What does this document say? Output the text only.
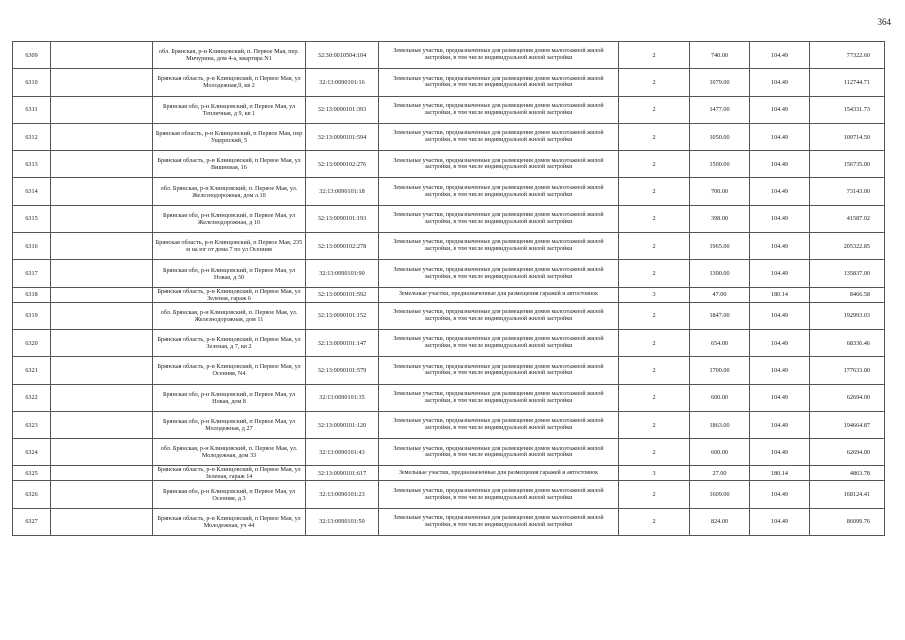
364
6309		обл. Брянская, р-н Клинцовский, п. Первое Мая, пер. Мичурина, дом 4-а, квартира N1	32:30:0010504:104	Земельные участки, предназначенные для размещения домов малоэтажной жилой застройки, в том числе индивидуальной жилой застройки	2	740.00	104.49	77322.60
6310		Брянская область, р-н Клинцовский, п Первое Мая, ул Молодежная,9, кв 2	32:13:0090101:16	Земельные участки, предназначенные для размещения домов малоэтажной жилой застройки, в том числе индивидуальной жилой застройки	2	1079.00	104.49	112744.71
6311		Брянская обл, р-н Клинцовский, п Первое Мая, ул Тепличная, д 9, кв 1	32:13:0090101:393	Земельные участки, предназначенные для размещения домов малоэтажной жилой застройки, в том числе индивидуальной жилой застройки	2	1477.00	104.49	154331.73
6312		Брянская область, р-н Клинцовский, п Первое Мая, пер Ущерпский, 5	32:13:0090101:594	Земельные участки, предназначенные для размещения домов малоэтажной жилой застройки, в том числе индивидуальной жилой застройки	2	1050.00	104.49	109714.50
6313		Брянская область, р-н Клинцовский, п Первое Мая, ул Вишневая, 16	32:13:0090102:276	Земельные участки, предназначенные для размещения домов малоэтажной жилой застройки, в том числе индивидуальной жилой застройки	2	1500.00	104.49	156735.00
6314		обл. Брянская, р-н Клинцовский, п. Первое Мая, ул. Железнодорожная, дом л.10	32:13:0090101:18	Земельные участки, предназначенные для размещения домов малоэтажной жилой застройки, в том числе индивидуальной жилой застройки	2	700.00	104.49	73143.00
6315		Брянская обл, р-н Клинцовский, п Первое Мая, ул Железнодорожная, д 10	32:13:0090101:193	Земельные участки, предназначенные для размещения домов малоэтажной жилой застройки, в том числе индивидуальной жилой застройки	2	398.00	104.49	41587.02
6316		Брянская область, р-н Клинцовский, п Первое Мая, 235 м на юг от дома 7 по ул Осенняя	32:13:0090102:278	Земельные участки, предназначенные для размещения домов малоэтажной жилой застройки, в том числе индивидуальной жилой застройки	2	1965.00	104.49	205322.85
6317		Брянская обл, р-н Клинцовский, п Первое Мая, ул Новая, д 30	32:13:0090101:90	Земельные участки, предназначенные для размещения домов малоэтажной жилой застройки, в том числе индивидуальной жилой застройки	2	1300.00	104.49	135837.00
6318		Брянская область, р-н Клинцовский, п Первое Мая, ул Зеленая, гараж 6	32:13:0090101:592	Земельные участки, предназначенные для размещения гаражей и автостоянок	3	47.00	180.14	8466.58
6319		обл. Брянская, р-н Клинцовский, п. Первое Мая, ул. Железнодорожная, дом 11	32:13:0090101:152	Земельные участки, предназначенные для размещения домов малоэтажной жилой застройки, в том числе индивидуальной жилой застройки	2	1847.00	104.49	192993.03
6320		Брянская область, р-н Клинцовский, п Первое Мая, ул Зеленая, д 7, кв 2	32:13:0090101:147	Земельные участки, предназначенные для размещения домов малоэтажной жилой застройки, в том числе индивидуальной жилой застройки	2	654.00	104.49	68336.46
6321		Брянская область, р-н Клинцовский, п Первое Мая, ул Осенняя, N4	32:13:0090101:579	Земельные участки, предназначенные для размещения домов малоэтажной жилой застройки, в том числе индивидуальной жилой застройки	2	1700.00	104.49	177633.00
6322		Брянская обл, р-н Клинцовский, п Первое Мая, ул Новая, дом 8	32:13:0090101:35	Земельные участки, предназначенные для размещения домов малоэтажной жилой застройки, в том числе индивидуальной жилой застройки	2	600.00	104.49	62694.00
6323		Брянская обл, р-н Клинцовский, п Первое Мая, ул Молодежная, д 27	32:13:0090101:120	Земельные участки, предназначенные для размещения домов малоэтажной жилой застройки, в том числе индивидуальной жилой застройки	2	1863.00	104.49	194664.87
6324		обл. Брянская, р-н Клинцовский, п. Первое Мая, ул. Молодежная, дом 33	32:13:0090101:43	Земельные участки, предназначенные для размещения домов малоэтажной жилой застройки, в том числе индивидуальной жилой застройки	2	600.00	104.49	62694.00
6325		Брянская область, р-н Клинцовский, п Первое Мая, ул Зеленая, гараж 14	32:13:0090101:617	Земельные участки, предназначенные для размещения гаражей и автостоянок	3	27.00	180.14	4863.78
6326		Брянская обл, р-н Клинцовский, п Первое Мая, ул Осенняя, д 3	32:13:0090101:23	Земельные участки, предназначенные для размещения домов малоэтажной жилой застройки, в том числе индивидуальной жилой застройки	2	1609.00	104.49	168124.41
6327		Брянская область, р-н Клинцовский, п Первое Мая, ул Молодежная, уч 44	32:13:0090101:50	Земельные участки, предназначенные для размещения домов малоэтажной жилой застройки, в том числе индивидуальной жилой застройки	2	824.00	104.49	86099.76
